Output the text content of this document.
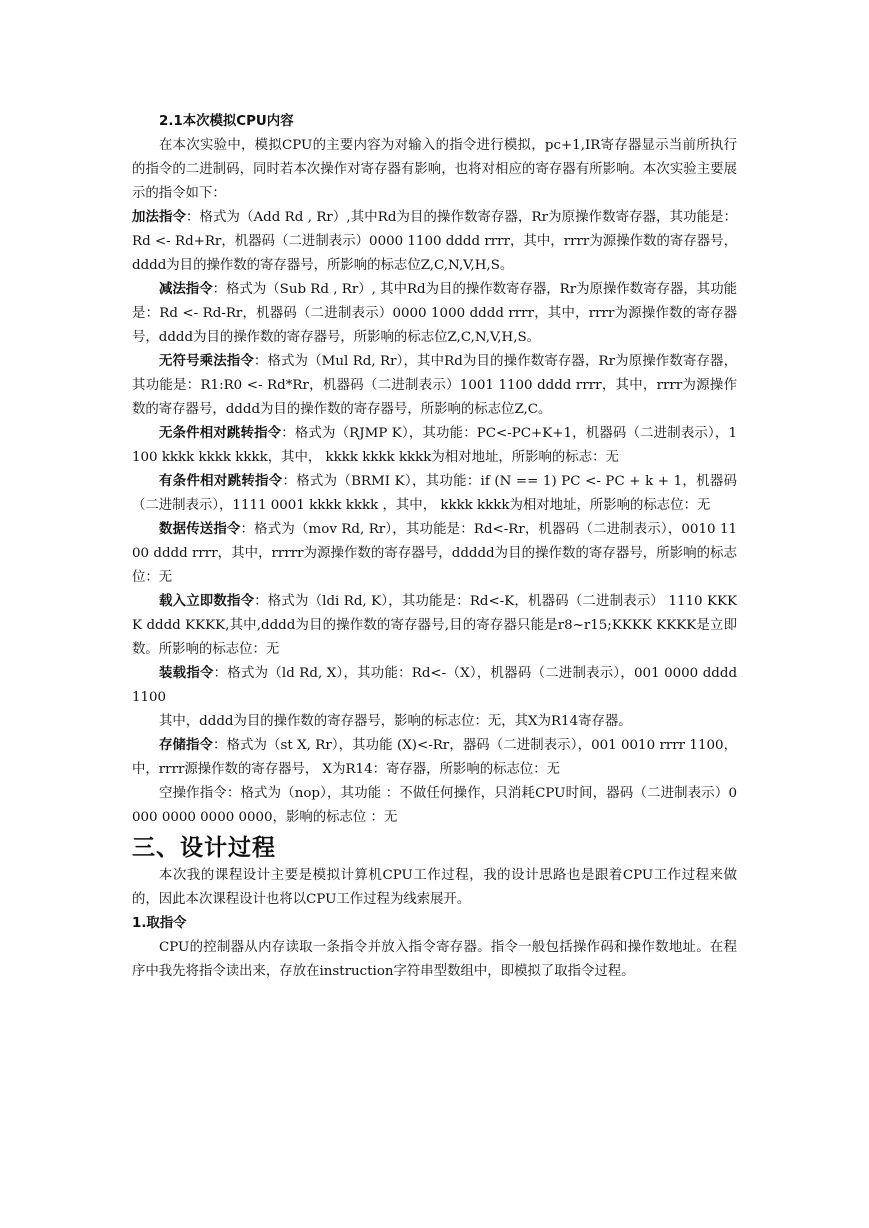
2.1本次模拟CPU内容

在本次实验中，模拟CPU的主要内容为对输入的指令进行模拟，pc+1,IR寄存器显示当前所执行的指令的二进制码，同时若本次操作对寄存器有影响，也将对相应的寄存器有所影响。本次实验主要展示的指令如下：

加法指令：格式为（Add Rd , Rr）,其中Rd为目的操作数寄存器，Rr为原操作数寄存器，其功能是：Rd <- Rd+Rr，机器码（二进制表示）0000 1100 dddd rrrr，其中，rrrr为源操作数的寄存器号，dddd为目的操作数的寄存器号，所影响的标志位Z,C,N,V,H,S。

减法指令：格式为（Sub Rd , Rr）, 其中Rd为目的操作数寄存器，Rr为原操作数寄存器，其功能是：Rd <- Rd-Rr，机器码（二进制表示）0000 1000 dddd rrrr，其中，rrrr为源操作数的寄存器号，dddd为目的操作数的寄存器号，所影响的标志位Z,C,N,V,H,S。

无符号乘法指令：格式为（Mul Rd, Rr），其中Rd为目的操作数寄存器，Rr为原操作数寄存器，其功能是：R1:R0 <- Rd*Rr，机器码（二进制表示）1001 1100 dddd rrrr，其中，rrrr为源操作数的寄存器号，dddd为目的操作数的寄存器号，所影响的标志位Z,C。

无条件相对跳转指令：格式为（RJMP K），其功能：PC<-PC+K+1，机器码（二进制表示），1100 kkkk kkkk kkkk，其中， kkkk kkkk kkkk为相对地址，所影响的标志：无

有条件相对跳转指令：格式为（BRMI K），其功能：if (N == 1) PC <- PC + k + 1，机器码（二进制表示），1111 0001 kkkk kkkk ，其中， kkkk kkkk为相对地址，所影响的标志位：无

数据传送指令：格式为（mov Rd, Rr），其功能是：Rd<-Rr，机器码（二进制表示），0010 1100 dddd rrrr，其中，rrrrr为源操作数的寄存器号，ddddd为目的操作数的寄存器号，所影响的标志位：无

载入立即数指令：格式为（ldi Rd, K），其功能是：Rd<-K，机器码（二进制表示） 1110 KKKK dddd KKKK,其中,dddd为目的操作数的寄存器号,目的寄存器只能是r8~r15;KKKK KKKK是立即数。所影响的标志位：无

装载指令：格式为（ld Rd, X），其功能：Rd<-（X），机器码（二进制表示），001 0000 dddd 1100

其中，dddd为目的操作数的寄存器号，影响的标志位：无，其X为R14寄存器。

存储指令：格式为（st X, Rr），其功能 (X)<-Rr，器码（二进制表示），001 0010 rrrr 1100，中，rrrr源操作数的寄存器号， X为R14：寄存器，所影响的标志位：无

空操作指令：格式为（nop），其功能 ：不做任何操作，只消耗CPU时间，器码（二进制表示）0000 0000 0000 0000，影响的标志位 ：无

三、设计过程

本次我的课程设计主要是模拟计算机CPU工作过程，我的设计思路也是跟着CPU工作过程来做的，因此本次课程设计也将以CPU工作过程为线索展开。

1.取指令

CPU的控制器从内存读取一条指令并放入指令寄存器。指令一般包括操作码和操作数地址。在程序中我先将指令读出来，存放在instruction字符串型数组中，即模拟了取指令过程。
